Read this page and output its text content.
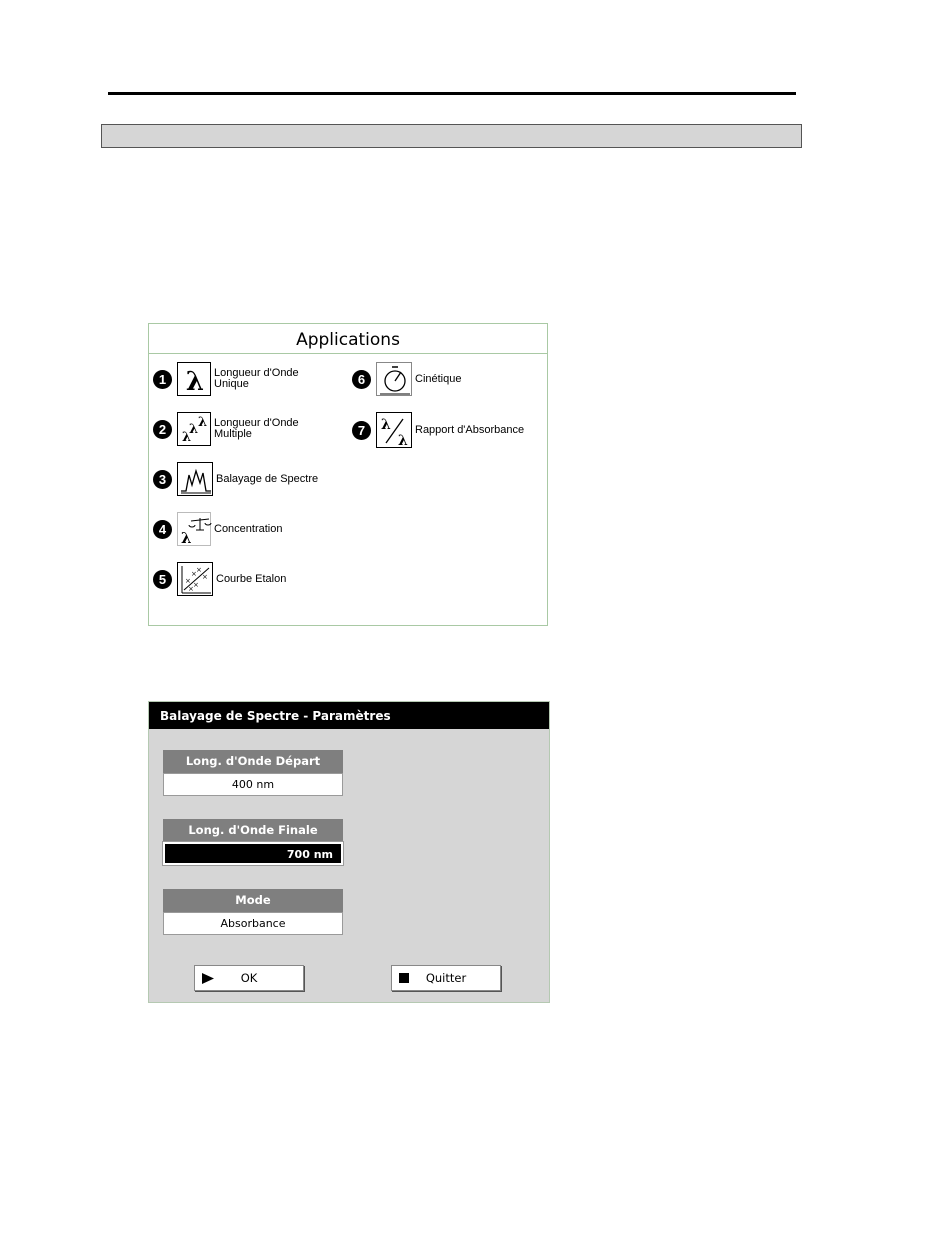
Applications
1 λ Longueur d'Onde
Unique
2
λ
λ λ Longueur d'Onde
Multiple
3	Balayage de Spectre
4 λ
Concentration
5	×
× ×
×
×
×
Courbe Etalon
6	Cinétique
7	λ
λ
Rapport d'Absorbance
Balayage de Spectre - Paramètres
Long. d'Onde Départ
400 nm
Long. d'Onde Finale
700 nm
Mode
Absorbance
OK	Quitter
